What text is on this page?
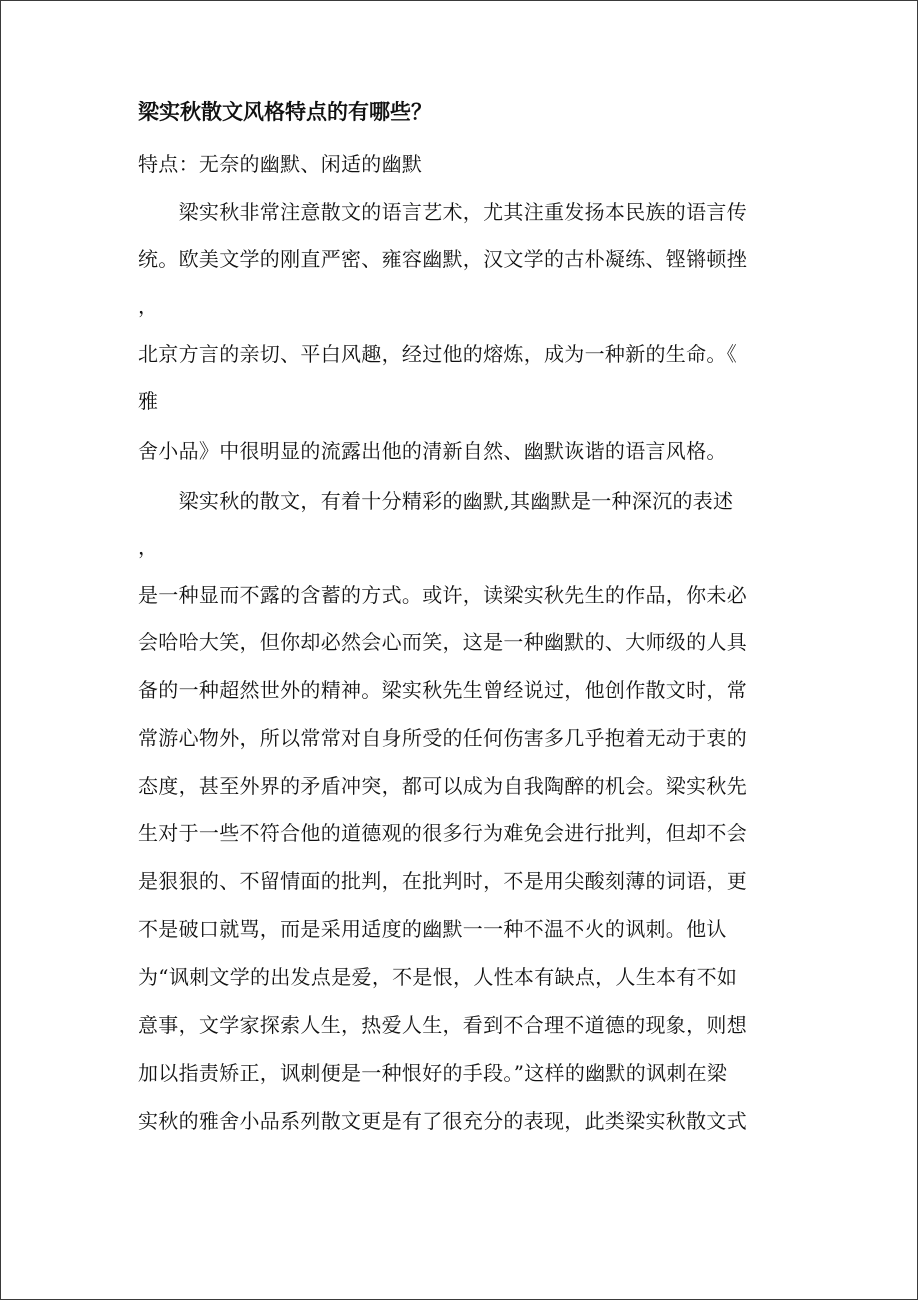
梁实秋散文风格特点的有哪些？
特点：无奈的幽默、闲适的幽默
　　梁实秋非常注意散文的语言艺术，尤其注重发扬本民族的语言传
统。欧美文学的刚直严密、雍容幽默，汉文学的古朴凝练、铿锵顿挫
，
北京方言的亲切、平白风趣，经过他的熔炼，成为一种新的生命。《
雅
舍小品》中很明显的流露出他的清新自然、幽默诙谐的语言风格。
　　梁实秋的散文，有着十分精彩的幽默,其幽默是一种深沉的表述
，
是一种显而不露的含蓄的方式。或许，读梁实秋先生的作品，你未必
会哈哈大笑，但你却必然会心而笑，这是一种幽默的、大师级的人具
备的一种超然世外的精神。梁实秋先生曾经说过，他创作散文时，常
常游心物外，所以常常对自身所受的任何伤害多几乎抱着无动于衷的
态度，甚至外界的矛盾冲突，都可以成为自我陶醉的机会。梁实秋先
生对于一些不符合他的道德观的很多行为难免会进行批判，但却不会
是狠狠的、不留情面的批判，在批判时，不是用尖酸刻薄的词语，更
不是破口就骂，而是采用适度的幽默一一种不温不火的讽刺。他认
为“讽刺文学的出发点是爱，不是恨，人性本有缺点，人生本有不如
意事，文学家探索人生，热爱人生，看到不合理不道德的现象，则想
加以指责矫正，讽刺便是一种恨好的手段。”这样的幽默的讽刺在梁
实秋的雅舍小品系列散文更是有了很充分的表现，此类梁实秋散文式
